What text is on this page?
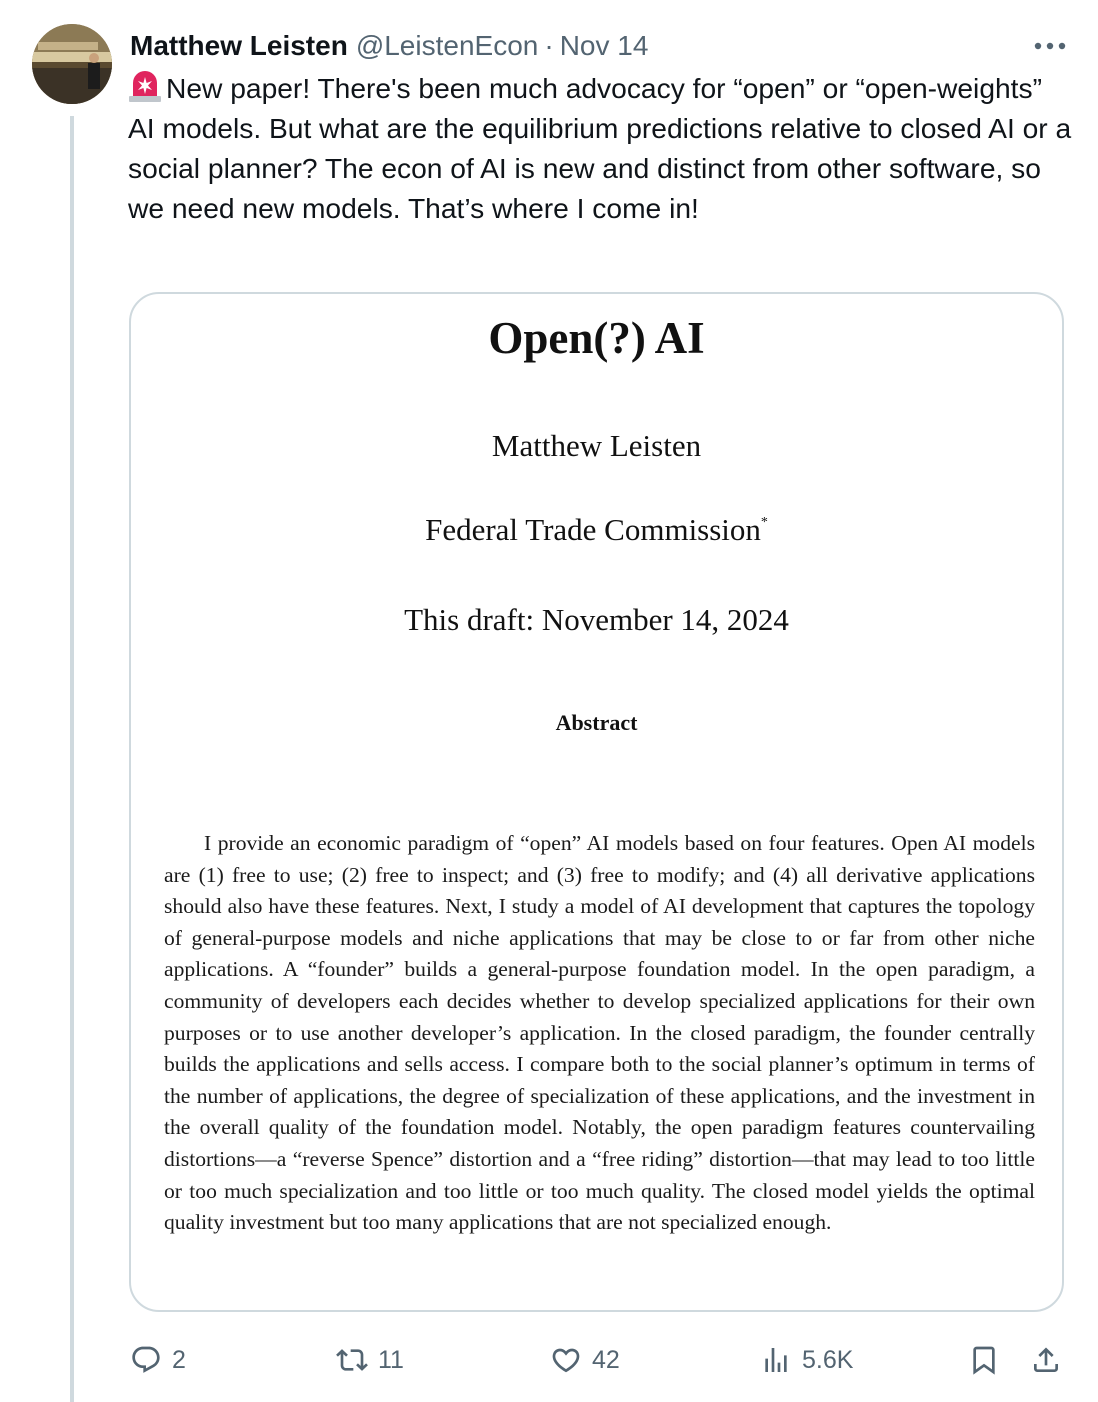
Matthew Leisten @LeistenEcon · Nov 14
New paper! There's been much advocacy for “open” or “open-weights” AI models. But what are the equilibrium predictions relative to closed AI or a social planner? The econ of AI is new and distinct from other software, so we need new models. That’s where I come in!
Open(?) AI
Matthew Leisten
Federal Trade Commission*
This draft: November 14, 2024
Abstract
I provide an economic paradigm of “open” AI models based on four features. Open AI models are (1) free to use; (2) free to inspect; and (3) free to modify; and (4) all derivative applications should also have these features. Next, I study a model of AI development that captures the topology of general-purpose models and niche applications that may be close to or far from other niche applications. A “founder” builds a general-purpose foundation model. In the open paradigm, a community of developers each decides whether to develop specialized applications for their own purposes or to use another developer’s application. In the closed paradigm, the founder centrally builds the applications and sells access. I compare both to the social planner’s optimum in terms of the number of applications, the degree of specialization of these applications, and the investment in the overall quality of the foundation model. Notably, the open paradigm features countervailing distortions—a “reverse Spence” distortion and a “free riding” distortion—that may lead to too little or too much specialization and too little or too much quality. The closed model yields the optimal quality investment but too many applications that are not specialized enough.
2	11	42	5.6K
